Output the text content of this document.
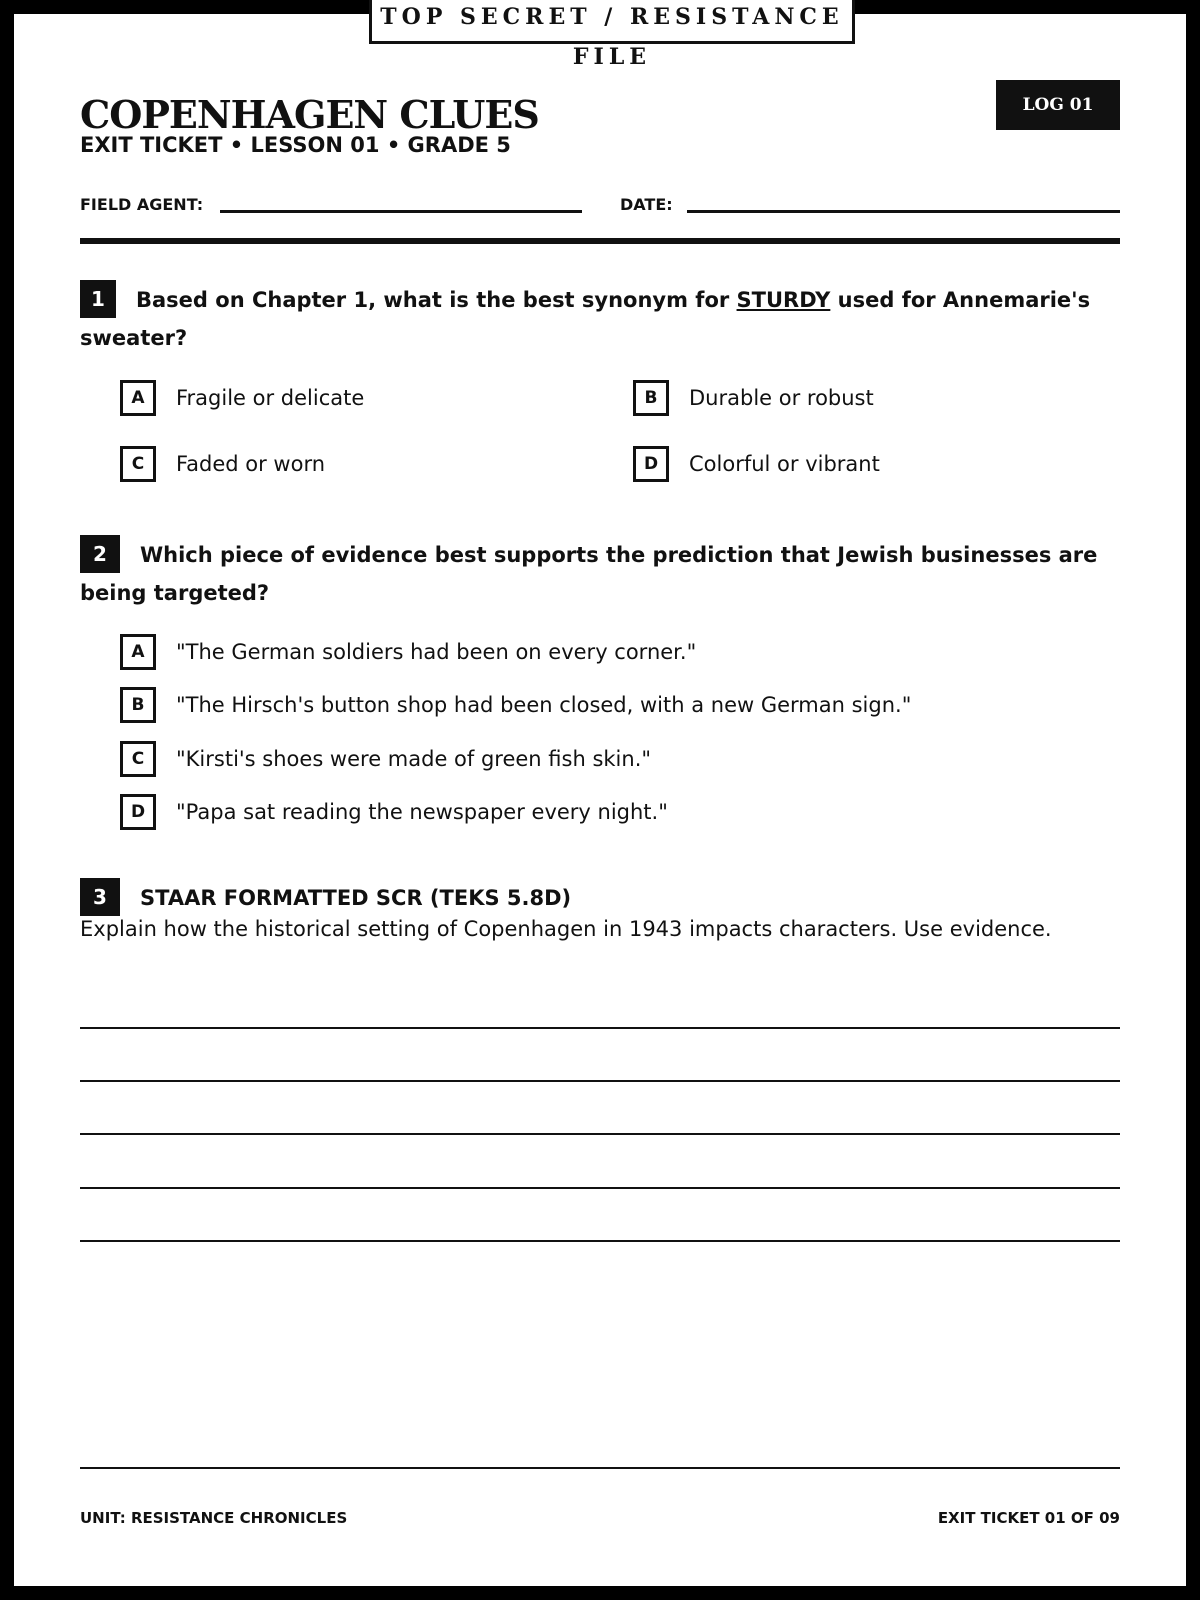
TOP SECRET / RESISTANCE FILE
COPENHAGEN CLUES
EXIT TICKET • LESSON 01 • GRADE 5
LOG 01
FIELD AGENT:	DATE:
1 Based on Chapter 1, what is the best synonym for STURDY used for Annemarie's sweater?
A	Fragile or delicate	B	Durable or robust
C	Faded or worn	D	Colorful or vibrant
2 Which piece of evidence best supports the prediction that Jewish businesses are being targeted?
A	"The German soldiers had been on every corner."
B	"The Hirsch's button shop had been closed, with a new German sign."
C	"Kirsti's shoes were made of green fish skin."
D	"Papa sat reading the newspaper every night."
3 STAAR FORMATTED SCR (TEKS 5.8D)
Explain how the historical setting of Copenhagen in 1943 impacts characters. Use evidence.
UNIT: RESISTANCE CHRONICLES	EXIT TICKET 01 OF 09
